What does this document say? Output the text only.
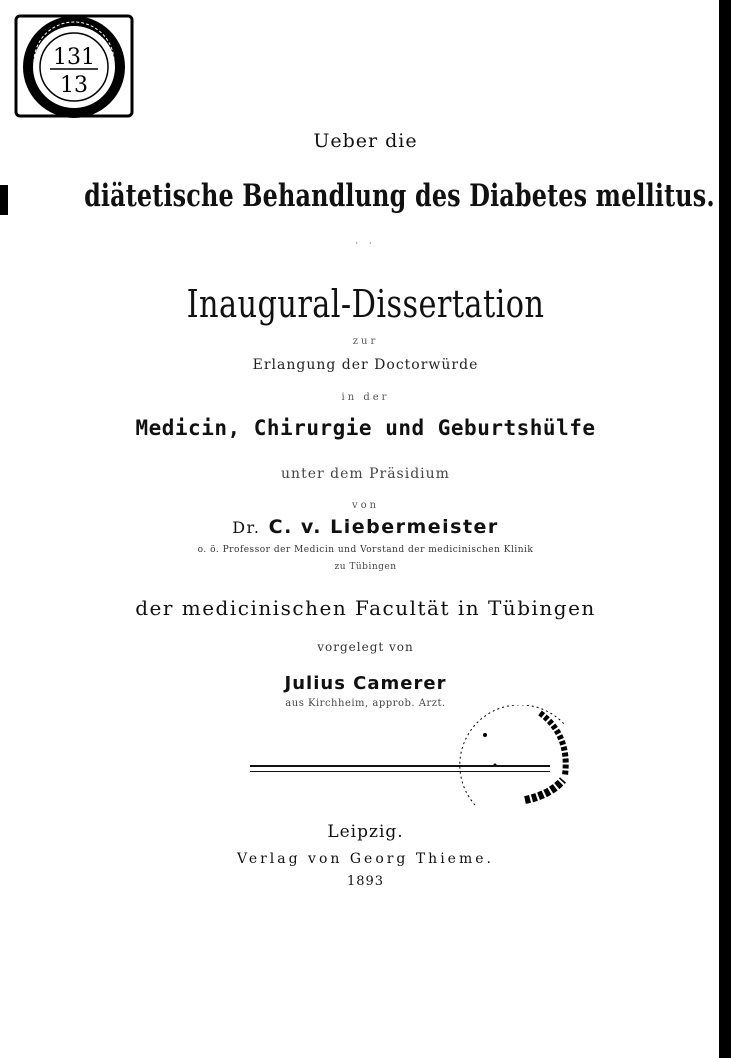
131
13
Ueber die
diätetische Behandlung des Diabetes mellitus.
· ·
Inaugural-Dissertation
zur
Erlangung der Doctorwürde
in der
Medicin, Chirurgie und Geburtshülfe
unter dem Präsidium
von
Dr. C. v. Liebermeister
o. ö. Professor der Medicin und Vorstand der medicinischen Klinik
zu Tübingen
der medicinischen Facultät in Tübingen
vorgelegt von
Julius Camerer
aus Kirchheim, approb. Arzt.
Leipzig.
Verlag von Georg Thieme.
1893
